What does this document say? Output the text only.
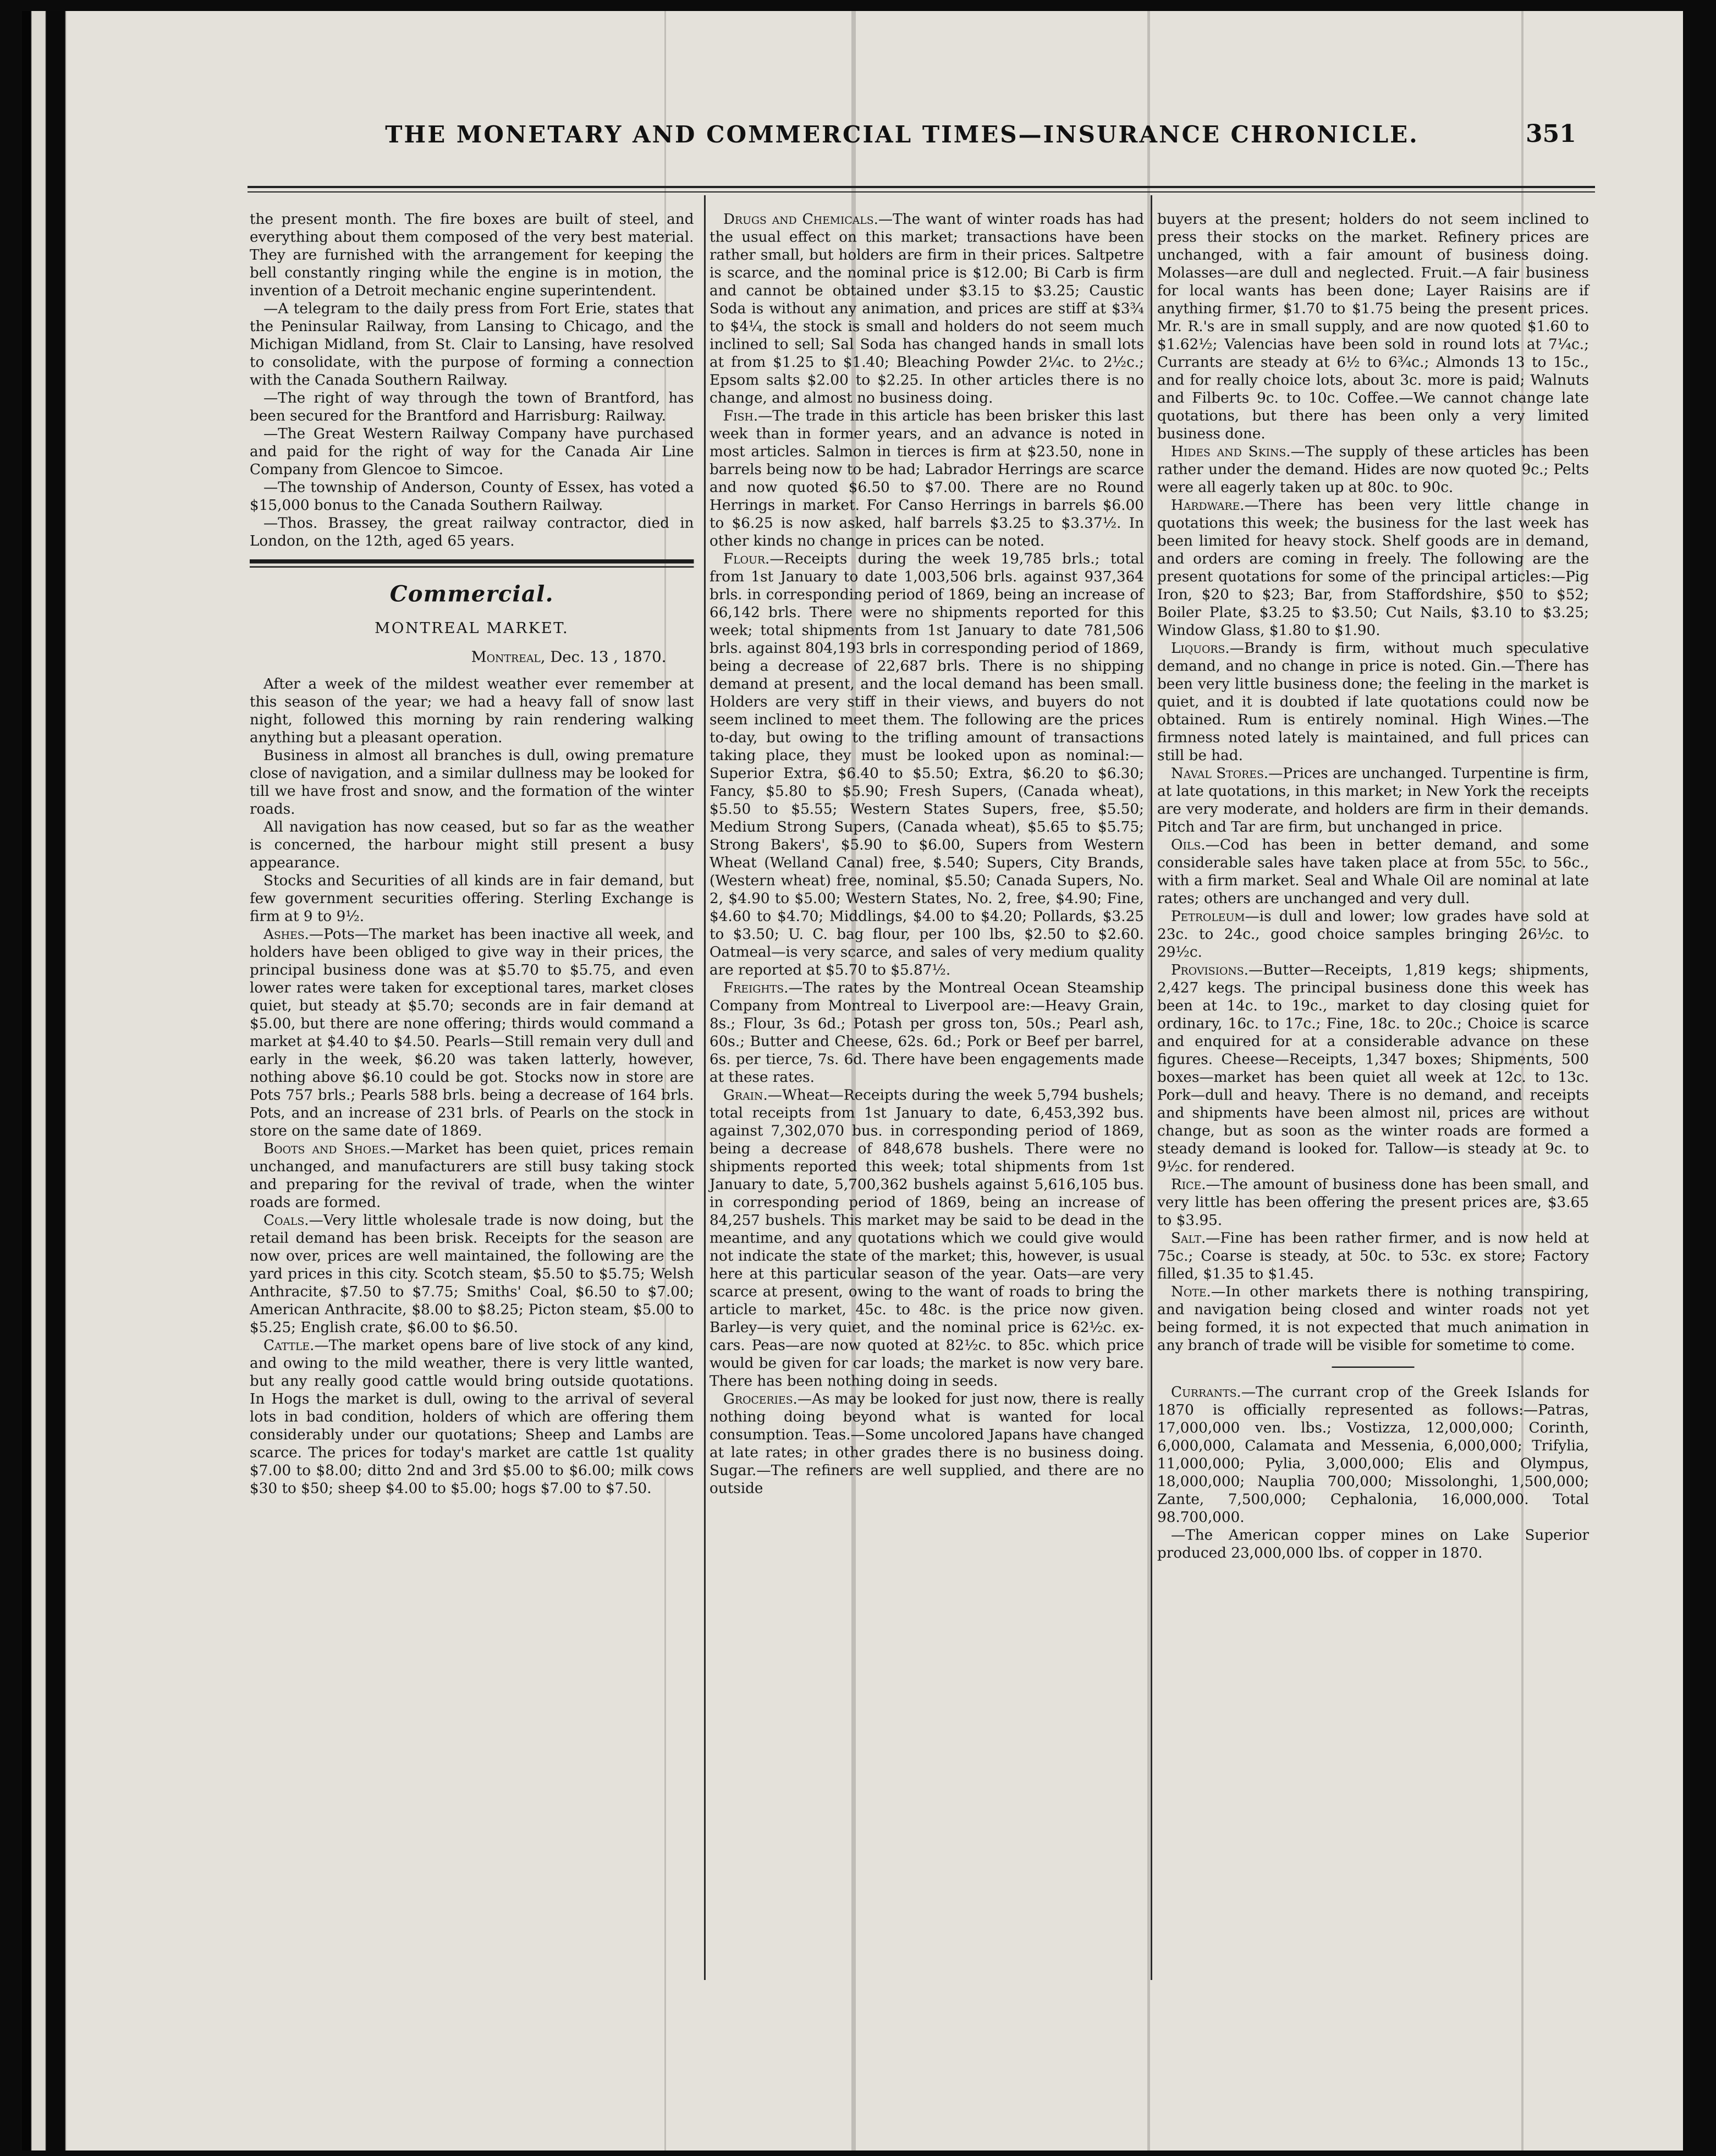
THE MONETARY AND COMMERCIAL TIMES—INSURANCE CHRONICLE.	351

the present month. The fire boxes are built of steel, and everything about them composed of the very best material. They are furnished with the arrangement for keeping the bell constantly ringing while the engine is in motion, the invention of a Detroit mechanic engine superintendent.

—A telegram to the daily press from Fort Erie, states that the Peninsular Railway, from Lansing to Chicago, and the Michigan Midland, from St. Clair to Lansing, have resolved to consolidate, with the purpose of forming a connection with the Canada Southern Railway.

—The right of way through the town of Brantford, has been secured for the Brantford and Harrisburg: Railway.

—The Great Western Railway Company have purchased and paid for the right of way for the Canada Air Line Company from Glencoe to Simcoe.

—The township of Anderson, County of Essex, has voted a $15,000 bonus to the Canada Southern Railway.

—Thos. Brassey, the great railway contractor, died in London, on the 12th, aged 65 years.

Commercial.
MONTREAL MARKET.
Montreal, Dec. 13 , 1870.

After a week of the mildest weather ever remember at this season of the year; we had a heavy fall of snow last night, followed this morning by rain rendering walking anything but a pleasant operation.

Business in almost all branches is dull, owing premature close of navigation, and a similar dullness may be looked for till we have frost and snow, and the formation of the winter roads.

All navigation has now ceased, but so far as the weather is concerned, the harbour might still present a busy appearance.

Stocks and Securities of all kinds are in fair demand, but few government securities offering. Sterling Exchange is firm at 9 to 9½.

Ashes.—Pots—The market has been inactive all week, and holders have been obliged to give way in their prices, the principal business done was at $5.70 to $5.75, and even lower rates were taken for exceptional tares, market closes quiet, but steady at $5.70; seconds are in fair demand at $5.00, but there are none offering; thirds would command a market at $4.40 to $4.50. Pearls—Still remain very dull and early in the week, $6.20 was taken latterly, however, nothing above $6.10 could be got. Stocks now in store are Pots 757 brls.; Pearls 588 brls. being a decrease of 164 brls. Pots, and an increase of 231 brls. of Pearls on the stock in store on the same date of 1869.

Boots and Shoes.—Market has been quiet, prices remain unchanged, and manufacturers are still busy taking stock and preparing for the revival of trade, when the winter roads are formed.

Coals.—Very little wholesale trade is now doing, but the retail demand has been brisk. Receipts for the season are now over, prices are well maintained, the following are the yard prices in this city. Scotch steam, $5.50 to $5.75; Welsh Anthracite, $7.50 to $7.75; Smiths' Coal, $6.50 to $7.00; American Anthracite, $8.00 to $8.25; Picton steam, $5.00 to $5.25; English crate, $6.00 to $6.50.

Cattle.—The market opens bare of live stock of any kind, and owing to the mild weather, there is very little wanted, but any really good cattle would bring outside quotations. In Hogs the market is dull, owing to the arrival of several lots in bad condition, holders of which are offering them considerably under our quotations; Sheep and Lambs are scarce. The prices for today's market are cattle 1st quality $7.00 to $8.00; ditto 2nd and 3rd $5.00 to $6.00; milk cows $30 to $50; sheep $4.00 to $5.00; hogs $7.00 to $7.50.

Drugs and Chemicals.—The want of winter roads has had the usual effect on this market; transactions have been rather small, but holders are firm in their prices. Saltpetre is scarce, and the nominal price is $12.00; Bi Carb is firm and cannot be obtained under $3.15 to $3.25; Caustic Soda is without any animation, and prices are stiff at $3¾ to $4¼, the stock is small and holders do not seem much inclined to sell; Sal Soda has changed hands in small lots at from $1.25 to $1.40; Bleaching Powder 2¼c. to 2½c.; Epsom salts $2.00 to $2.25. In other articles there is no change, and almost no business doing.

Fish.—The trade in this article has been brisker this last week than in former years, and an advance is noted in most articles. Salmon in tierces is firm at $23.50, none in barrels being now to be had; Labrador Herrings are scarce and now quoted $6.50 to $7.00. There are no Round Herrings in market. For Canso Herrings in barrels $6.00 to $6.25 is now asked, half barrels $3.25 to $3.37½. In other kinds no change in prices can be noted.

Flour.—Receipts during the week 19,785 brls.; total from 1st January to date 1,003,506 brls. against 937,364 brls. in corresponding period of 1869, being an increase of 66,142 brls. There were no shipments reported for this week; total shipments from 1st January to date 781,506 brls. against 804,193 brls in corresponding period of 1869, being a decrease of 22,687 brls. There is no shipping demand at present, and the local demand has been small. Holders are very stiff in their views, and buyers do not seem inclined to meet them. The following are the prices to-day, but owing to the trifling amount of transactions taking place, they must be looked upon as nominal:—Superior Extra, $6.40 to $5.50; Extra, $6.20 to $6.30; Fancy, $5.80 to $5.90; Fresh Supers, (Canada wheat), $5.50 to $5.55; Western States Supers, free, $5.50; Medium Strong Supers, (Canada wheat), $5.65 to $5.75; Strong Bakers', $5.90 to $6.00, Supers from Western Wheat (Welland Canal) free, $.540; Supers, City Brands, (Western wheat) free, nominal, $5.50; Canada Supers, No. 2, $4.90 to $5.00; Western States, No. 2, free, $4.90; Fine, $4.60 to $4.70; Middlings, $4.00 to $4.20; Pollards, $3.25 to $3.50; U. C. bag flour, per 100 lbs, $2.50 to $2.60. Oatmeal—is very scarce, and sales of very medium quality are reported at $5.70 to $5.87½.

Freights.—The rates by the Montreal Ocean Steamship Company from Montreal to Liverpool are:—Heavy Grain, 8s.; Flour, 3s 6d.; Potash per gross ton, 50s.; Pearl ash, 60s.; Butter and Cheese, 62s. 6d.; Pork or Beef per barrel, 6s. per tierce, 7s. 6d. There have been engagements made at these rates.

Grain.—Wheat—Receipts during the week 5,794 bushels; total receipts from 1st January to date, 6,453,392 bus. against 7,302,070 bus. in corresponding period of 1869, being a decrease of 848,678 bushels. There were no shipments reported this week; total shipments from 1st January to date, 5,700,362 bushels against 5,616,105 bus. in corresponding period of 1869, being an increase of 84,257 bushels. This market may be said to be dead in the meantime, and any quotations which we could give would not indicate the state of the market; this, however, is usual here at this particular season of the year. Oats—are very scarce at present, owing to the want of roads to bring the article to market, 45c. to 48c. is the price now given. Barley—is very quiet, and the nominal price is 62½c. ex-cars. Peas—are now quoted at 82½c. to 85c. which price would be given for car loads; the market is now very bare. There has been nothing doing in seeds.

Groceries.—As may be looked for just now, there is really nothing doing beyond what is wanted for local consumption. Teas.—Some uncolored Japans have changed at late rates; in other grades there is no business doing. Sugar.—The refiners are well supplied, and there are no outside

buyers at the present; holders do not seem inclined to press their stocks on the market. Refinery prices are unchanged, with a fair amount of business doing. Molasses—are dull and neglected. Fruit.—A fair business for local wants has been done; Layer Raisins are if anything firmer, $1.70 to $1.75 being the present prices. Mr. R.'s are in small supply, and are now quoted $1.60 to $1.62½; Valencias have been sold in round lots at 7¼c.; Currants are steady at 6½ to 6¾c.; Almonds 13 to 15c., and for really choice lots, about 3c. more is paid; Walnuts and Filberts 9c. to 10c. Coffee.—We cannot change late quotations, but there has been only a very limited business done.

Hides and Skins.—The supply of these articles has been rather under the demand. Hides are now quoted 9c.; Pelts were all eagerly taken up at 80c. to 90c.

Hardware.—There has been very little change in quotations this week; the business for the last week has been limited for heavy stock. Shelf goods are in demand, and orders are coming in freely. The following are the present quotations for some of the principal articles:—Pig Iron, $20 to $23; Bar, from Staffordshire, $50 to $52; Boiler Plate, $3.25 to $3.50; Cut Nails, $3.10 to $3.25; Window Glass, $1.80 to $1.90.

Liquors.—Brandy is firm, without much speculative demand, and no change in price is noted. Gin.—There has been very little business done; the feeling in the market is quiet, and it is doubted if late quotations could now be obtained. Rum is entirely nominal. High Wines.—The firmness noted lately is maintained, and full prices can still be had.

Naval Stores.—Prices are unchanged. Turpentine is firm, at late quotations, in this market; in New York the receipts are very moderate, and holders are firm in their demands. Pitch and Tar are firm, but unchanged in price.

Oils.—Cod has been in better demand, and some considerable sales have taken place at from 55c. to 56c., with a firm market. Seal and Whale Oil are nominal at late rates; others are unchanged and very dull.

Petroleum—is dull and lower; low grades have sold at 23c. to 24c., good choice samples bringing 26½c. to 29½c.

Provisions.—Butter—Receipts, 1,819 kegs; shipments, 2,427 kegs. The principal business done this week has been at 14c. to 19c., market to day closing quiet for ordinary, 16c. to 17c.; Fine, 18c. to 20c.; Choice is scarce and enquired for at a considerable advance on these figures. Cheese—Receipts, 1,347 boxes; Shipments, 500 boxes—market has been quiet all week at 12c. to 13c. Pork—dull and heavy. There is no demand, and receipts and shipments have been almost nil, prices are without change, but as soon as the winter roads are formed a steady demand is looked for. Tallow—is steady at 9c. to 9½c. for rendered.

Rice.—The amount of business done has been small, and very little has been offering the present prices are, $3.65 to $3.95.

Salt.—Fine has been rather firmer, and is now held at 75c.; Coarse is steady, at 50c. to 53c. ex store; Factory filled, $1.35 to $1.45.

Note.—In other markets there is nothing transpiring, and navigation being closed and winter roads not yet being formed, it is not expected that much animation in any branch of trade will be visible for sometime to come.

Currants.—The currant crop of the Greek Islands for 1870 is officially represented as follows:—Patras, 17,000,000 ven. lbs.; Vostizza, 12,000,000; Corinth, 6,000,000, Calamata and Messenia, 6,000,000; Trifylia, 11,000,000; Pylia, 3,000,000; Elis and Olympus, 18,000,000; Nauplia 700,000; Missolonghi, 1,500,000; Zante, 7,500,000; Cephalonia, 16,000,000. Total 98.700,000.

—The American copper mines on Lake Superior produced 23,000,000 lbs. of copper in 1870.
